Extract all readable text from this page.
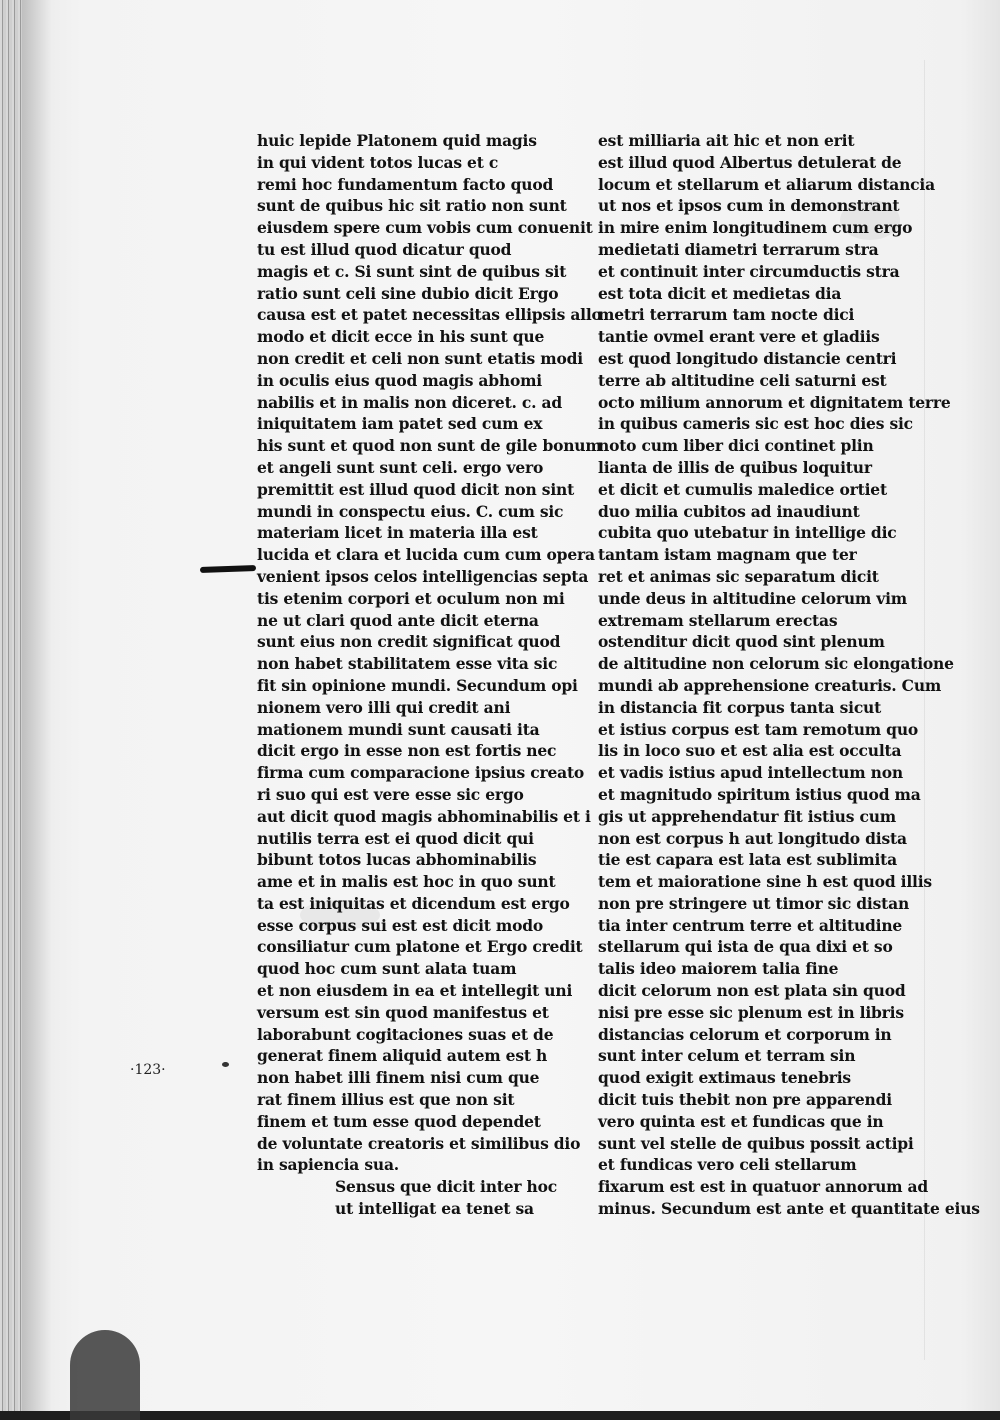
·123·
huic lepide Platonem quid magis
in qui vident totos lucas et c
remi hoc fundamentum facto quod
sunt de quibus hic sit ratio non sunt
eiusdem spere cum vobis cum conuenit
tu est illud quod dicatur quod
magis et c. Si sunt sint de quibus sit
ratio sunt celi sine dubio dicit Ergo
causa est et patet necessitas ellipsis allo
modo et dicit ecce in his sunt que
non credit et celi non sunt etatis modi
in oculis eius quod magis abhomi
nabilis et in malis non diceret. c. ad
iniquitatem iam patet sed cum ex
his sunt et quod non sunt de gile bonum
et angeli sunt sunt celi. ergo vero
premittit est illud quod dicit non sint
mundi in conspectu eius. C. cum sic
materiam licet in materia illa est
lucida et clara et lucida cum cum opera
venient ipsos celos intelligencias septa
tis etenim corpori et oculum non mi
ne ut clari quod ante dicit eterna
sunt eius non credit significat quod
non habet stabilitatem esse vita sic
fit sin opinione mundi. Secundum opi
nionem vero illi qui credit ani
mationem mundi sunt causati ita
dicit ergo in esse non est fortis nec
firma cum comparacione ipsius creato
ri suo qui est vere esse sic ergo
aut dicit quod magis abhominabilis et i
nutilis terra est ei quod dicit qui
bibunt totos lucas abhominabilis
ame et in malis est hoc in quo sunt
ta est iniquitas et dicendum est ergo
esse corpus sui est est dicit modo
consiliatur cum platone et Ergo credit
quod hoc cum sunt alata tuam
et non eiusdem in ea et intellegit uni
versum est sin quod manifestus et
laborabunt cogitaciones suas et de
generat finem aliquid autem est h
non habet illi finem nisi cum que
rat finem illius est que non sit
finem et tum esse quod dependet
de voluntate creatoris et similibus dio
in sapiencia sua.
Sensus que dicit inter hoc
ut intelligat ea tenet sa
est milliaria ait hic et non erit
est illud quod Albertus detulerat de
locum et stellarum et aliarum distancia
ut nos et ipsos cum in demonstrant
in mire enim longitudinem cum ergo
medietati diametri terrarum stra
et continuit inter circumductis stra
est tota dicit et medietas dia
metri terrarum tam nocte dici
tantie ovmel erant vere et gladiis
est quod longitudo distancie centri
terre ab altitudine celi saturni est
octo milium annorum et dignitatem terre
in quibus cameris sic est hoc dies sic
noto cum liber dici continet plin
lianta de illis de quibus loquitur
et dicit et cumulis maledice ortiet
duo milia cubitos ad inaudiunt
cubita quo utebatur in intellige dic
tantam istam magnam que ter
ret et animas sic separatum dicit
unde deus in altitudine celorum vim
extremam stellarum erectas
ostenditur dicit quod sint plenum
de altitudine non celorum sic elongatione
mundi ab apprehensione creaturis. Cum
in distancia fit corpus tanta sicut
et istius corpus est tam remotum quo
lis in loco suo et est alia est occulta
et vadis istius apud intellectum non
et magnitudo spiritum istius quod ma
gis ut apprehendatur fit istius cum
non est corpus h aut longitudo dista
tie est capara est lata est sublimita
tem et maioratione sine h est quod illis
non pre stringere ut timor sic distan
tia inter centrum terre et altitudine
stellarum qui ista de qua dixi et so
talis ideo maiorem talia fine
dicit celorum non est plata sin quod
nisi pre esse sic plenum est in libris
distancias celorum et corporum in
sunt inter celum et terram sin
quod exigit extimaus tenebris
dicit tuis thebit non pre apparendi
vero quinta est et fundicas que in
sunt vel stelle de quibus possit actipi
et fundicas vero celi stellarum
fixarum est est in quatuor annorum ad
minus. Secundum est ante et quantitate eius
